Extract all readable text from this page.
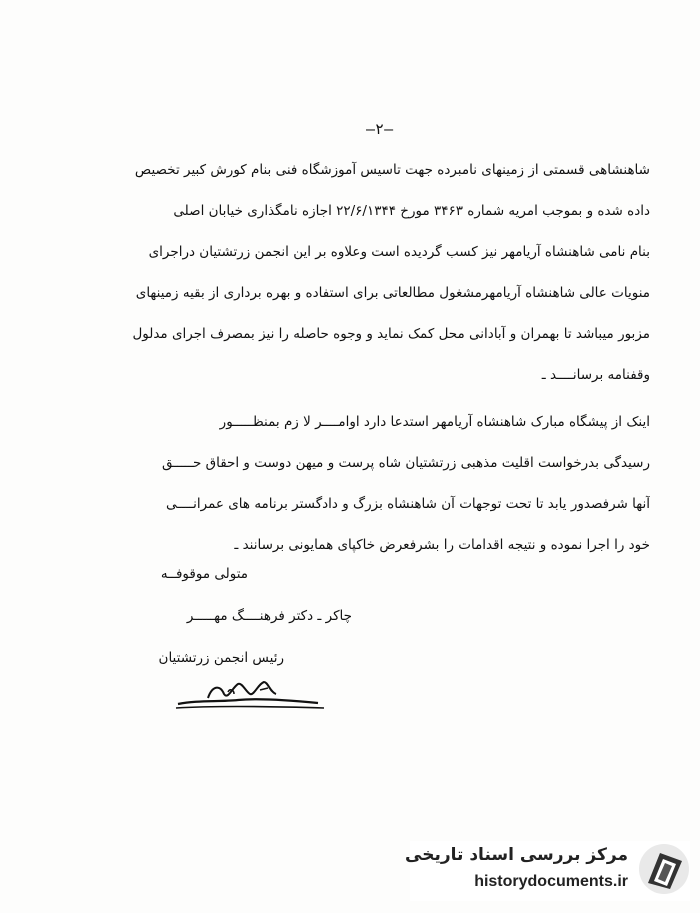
—٢—
شاهنشاهی قسمتی از زمینهای نامبرده جهت تاسیس آموزشگاه فنی بنام کورش کبیر تخصیص
داده شده و بموجب امریه شماره ۳۴۶۳ مورخ ۲۲/۶/۱۳۴۴ اجازه نامگذاری خیابان اصلی
بنام نامی شاهنشاه آریامهر نیز کسب گردیده است وعلاوه بر این انجمن زرتشتیان دراجرای
منویات عالی شاهنشاه آریامهرمشغول مطالعاتی برای استفاده و بهره برداری از بقیه زمینهای
مزبور میباشد تا بهمران و آبادانی محل کمک نماید و وجوه حاصله را نیز بمصرف اجرای مدلول
وقفنامه برسانــــد ـ
اینک از پیشگاه مبارک شاهنشاه آریامهر استدعا دارد اوامــــر لا زم بمنظـــــور
رسیدگی بدرخواست اقلیت مذهبی زرتشتیان شاه پرست و میهن دوست و احقاق حـــــق
آنها شرفصدور یابد تا تحت توجهات آن شاهنشاه بزرگ و دادگستر برنامه های عمرانــــی
خود را اجرا نموده و نتیجه اقدامات را بشرفعرض خاکپای همایونی برسانند ـ
متولی موقوفــه
چاکر ـ دکتر فرهنــــگ مهـــــر
رئیس انجمن زرتشتیان
مرکز بررسی اسناد تاریخی
historydocuments.ir
